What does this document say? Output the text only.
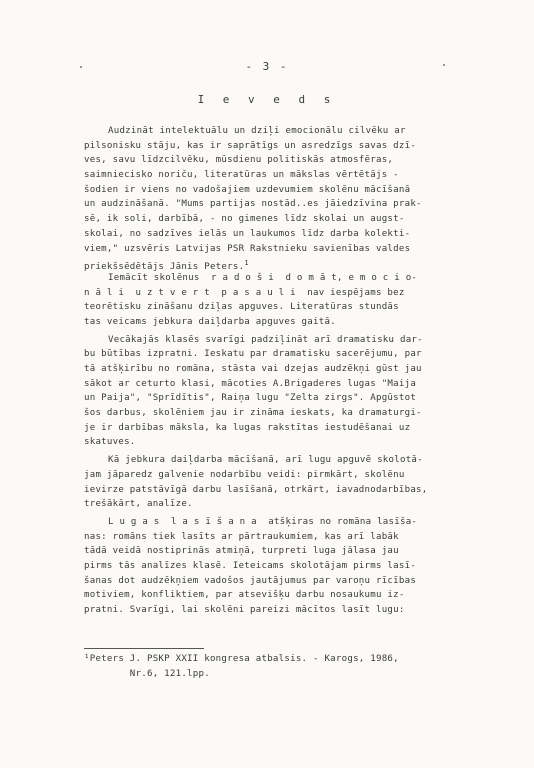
- 3 -
I e v e d s
Audzināt intelektuālu un dziļi emocionālu cilvēku ar
pilsonisku stāju, kas ir saprātīgs un asredzīgs savas dzī-
ves, savu līdzcilvēku, mūsdienu politiskās atmosfēras,
saimniecisko noriču, literatūras un mākslas vērtētājs -
šodien ir viens no vadošajiem uzdevumiem skolēnu mācīšanā
un audzināšanā. "Mums partijas nostād..es jāiedzīvina prak-
sē, ik soli, darbībā, - no gimenes līdz skolai un augst-
skolai, no sadzīves ielās un laukumos līdz darba kolekti-
viem," uzsvēris Latvijas PSR Rakstnieku savienības valdes
priekšsēdētājs Jānis Peters.$^1$
Iemācīt skolēnus  r a d o š i  d o m ā t, e m o c i o-
n ā l i  u z t v e r t  p a s a u l i  nav iespējams bez
teorētisku zināšanu dziļas apguves. Literatūras stundās
tas veicams jebkura daiļdarba apguves gaitā.
Vecākajās klasēs svarīgi padziļināt arī dramatisku dar-
bu būtības izpratni. Ieskatu par dramatisku sacerējumu, par
tā atšķirību no romāna, stāsta vai dzejas audzēkņi gūst jau
sākot ar ceturto klasi, mācoties A.Brigaderes lugas "Maija
un Paija", "Sprīdītis", Raiņa lugu "Zelta zirgs". Apgūstot
šos darbus, skolēniem jau ir zināma ieskats, ka dramaturgi-
je ir darbības māksla, ka lugas rakstītas iestudēšanai uz
skatuves.
Kā jebkura daiļdarba mācīšanā, arī lugu apguvē skolotā-
jam jāparedz galvenie nodarbību veidi: pirmkārt, skolēnu
ievirze patstāvīgā darbu lasīšanā, otrkārt, iavadnodarbības,
trešākārt, analīze.
L u g a s  l a s ī š a n a  atšķiras no romāna lasīša-
nas: romāns tiek lasīts ar pārtraukumiem, kas arī labāk
tādā veidā nostiprinās atmiņā, turpreti luga jālasa jau
pirms tās analīzes klasē. Ieteicams skolotājam pirms lasī-
šanas dot audzēkņiem vadošos jautājumus par varoņu rīcības
motiviem, konfliktiem, par atsevišķu darbu nosaukumu iz-
pratni. Svarīgi, lai skolēni pareizi mācītos lasīt lugu:
¹Peters J. PSKP XXII kongresa atbalsis. - Karogs, 1986,
Nr.6, 121.lpp.
